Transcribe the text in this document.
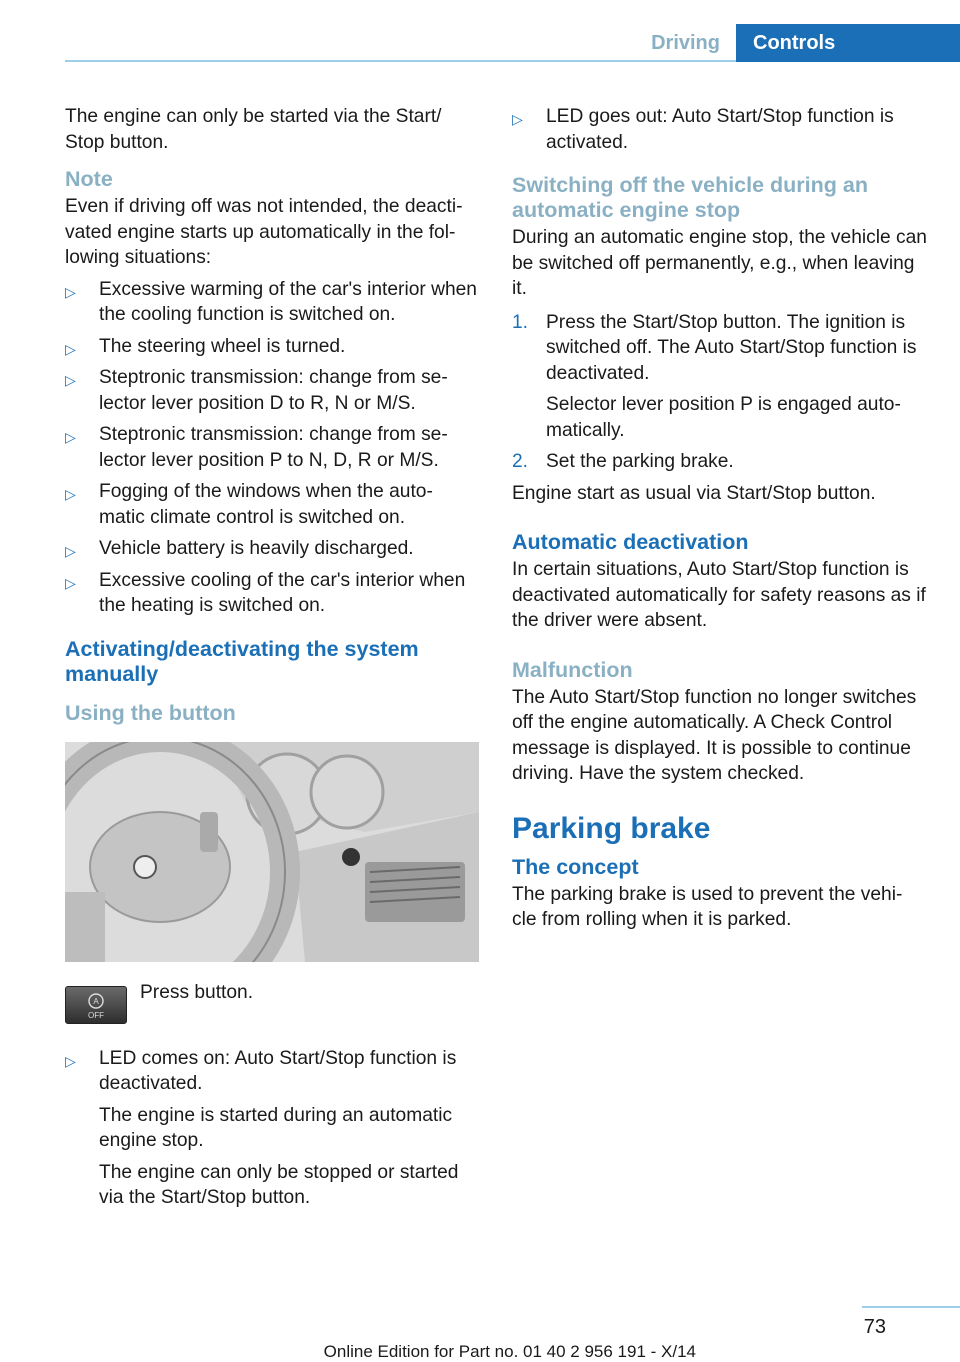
Driving	Controls

The engine can only be started via the Start/ Stop button.

Note

Even if driving off was not intended, the deacti‐ vated engine starts up automatically in the fol‐ lowing situations:

▷ Excessive warming of the car's interior when the cooling function is switched on.
▷ The steering wheel is turned.
▷ Steptronic transmission: change from se‐ lector lever position D to R, N or M/S.
▷ Steptronic transmission: change from se‐ lector lever position P to N, D, R or M/S.
▷ Fogging of the windows when the auto‐ matic climate control is switched on.
▷ Vehicle battery is heavily discharged.
▷ Excessive cooling of the car's interior when the heating is switched on.
Activating/deactivating the system manually
Using the button
A
OFF

Press button.

▷ LED comes on: Auto Start/Stop function is deactivated.
The engine is started during an automatic engine stop.
The engine can only be stopped or started via the Start/Stop button.
▷ LED goes out: Auto Start/Stop function is activated.
Switching off the vehicle during an automatic engine stop

During an automatic engine stop, the vehicle can be switched off permanently, e.g., when leaving it.

1. Press the Start/Stop button. The ignition is switched off. The Auto Start/Stop function is deactivated.
Selector lever position P is engaged auto‐ matically.
2. Set the parking brake.

Engine start as usual via Start/Stop button.

Automatic deactivation

In certain situations, Auto Start/Stop function is deactivated automatically for safety reasons as if the driver were absent.

Malfunction

The Auto Start/Stop function no longer switches off the engine automatically. A Check Control message is displayed. It is possible to continue driving. Have the system checked.

Parking brake
The concept

The parking brake is used to prevent the vehi‐ cle from rolling when it is parked.

73
Online Edition for Part no. 01 40 2 956 191 - X/14
